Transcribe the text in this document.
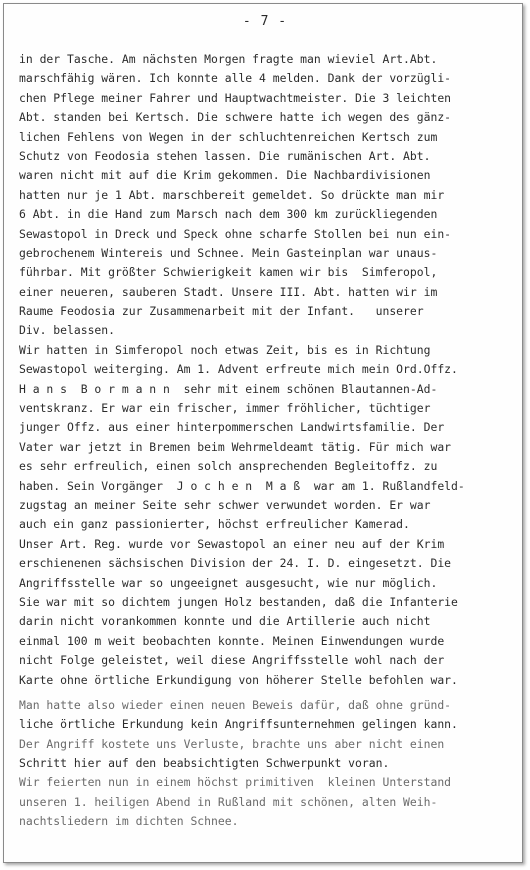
- 7 -
in der Tasche. Am nächsten Morgen fragte man wieviel Art.Abt.
marschfähig wären. Ich konnte alle 4 melden. Dank der vorzügli-
chen Pflege meiner Fahrer und Hauptwachtmeister. Die 3 leichten
Abt. standen bei Kertsch. Die schwere hatte ich wegen des gänz-
lichen Fehlens von Wegen in der schluchtenreichen Kertsch zum
Schutz von Feodosia stehen lassen. Die rumänischen Art. Abt.
waren nicht mit auf die Krim gekommen. Die Nachbardivisionen
hatten nur je 1 Abt. marschbereit gemeldet. So drückte man mir
6 Abt. in die Hand zum Marsch nach dem 300 km zurückliegenden
Sewastopol in Dreck und Speck ohne scharfe Stollen bei nun ein-
gebrochenem Wintereis und Schnee. Mein Gasteinplan war unaus-
führbar. Mit größter Schwierigkeit kamen wir bis  Simferopol,
einer neueren, sauberen Stadt. Unsere III. Abt. hatten wir im
Raume Feodosia zur Zusammenarbeit mit der Infant.   unserer
Div. belassen.
Wir hatten in Simferopol noch etwas Zeit, bis es in Richtung
Sewastopol weiterging. Am 1. Advent erfreute mich mein Ord.Offz.
H a n s  B o r m a n n  sehr mit einem schönen Blautannen-Ad-
ventskranz. Er war ein frischer, immer fröhlicher, tüchtiger
junger Offz. aus einer hinterpommerschen Landwirtsfamilie. Der
Vater war jetzt in Bremen beim Wehrmeldeamt tätig. Für mich war
es sehr erfreulich, einen solch ansprechenden Begleitoffz. zu
haben. Sein Vorgänger  J o c h e n  M a ß  war am 1. Rußlandfeld-
zugstag an meiner Seite sehr schwer verwundet worden. Er war
auch ein ganz passionierter, höchst erfreulicher Kamerad.
Unser Art. Reg. wurde vor Sewastopol an einer neu auf der Krim
erschienenen sächsischen Division der 24. I. D. eingesetzt. Die
Angriffsstelle war so ungeeignet ausgesucht, wie nur möglich.
Sie war mit so dichtem jungen Holz bestanden, daß die Infanterie
darin nicht vorankommen konnte und die Artillerie auch nicht
einmal 100 m weit beobachten konnte. Meinen Einwendungen wurde
nicht Folge geleistet, weil diese Angriffsstelle wohl nach der
Karte ohne örtliche Erkundigung von höherer Stelle befohlen war.
Man hatte also wieder einen neuen Beweis dafür, daß ohne gründ-
liche örtliche Erkundung kein Angriffsunternehmen gelingen kann.
Der Angriff kostete uns Verluste, brachte uns aber nicht einen
Schritt hier auf den beabsichtigten Schwerpunkt voran.
Wir feierten nun in einem höchst primitiven  kleinen Unterstand
unseren 1. heiligen Abend in Rußland mit schönen, alten Weih-
nachtsliedern im dichten Schnee.
